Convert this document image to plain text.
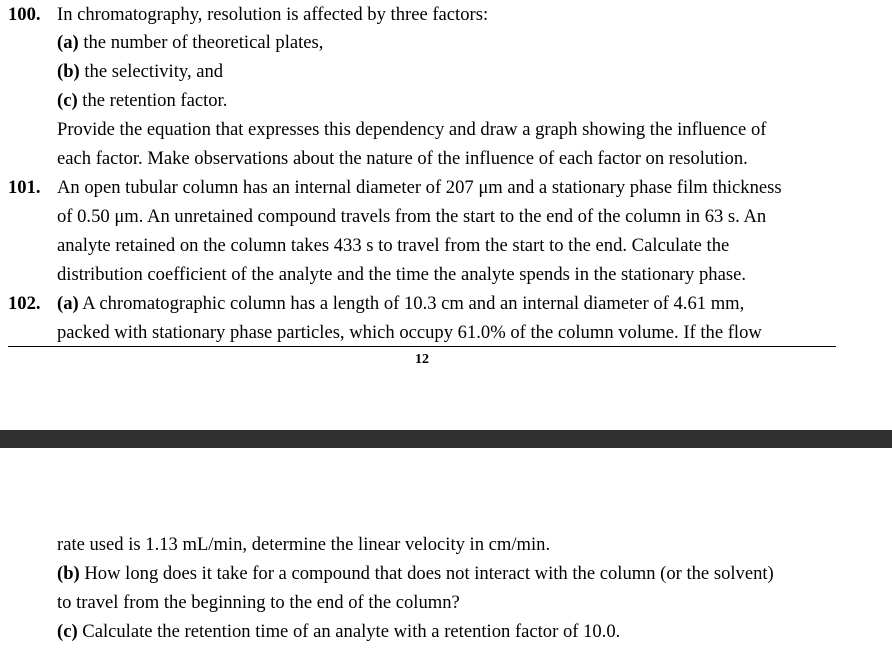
100. In chromatography, resolution is affected by three factors:
(a) the number of theoretical plates,
(b) the selectivity, and
(c) the retention factor.
Provide the equation that expresses this dependency and draw a graph showing the influence of
each factor. Make observations about the nature of the influence of each factor on resolution.
101. An open tubular column has an internal diameter of 207 μm and a stationary phase film thickness
of 0.50 μm. An unretained compound travels from the start to the end of the column in 63 s. An
analyte retained on the column takes 433 s to travel from the start to the end. Calculate the
distribution coefficient of the analyte and the time the analyte spends in the stationary phase.
102. (a) A chromatographic column has a length of 10.3 cm and an internal diameter of 4.61 mm,
packed with stationary phase particles, which occupy 61.0% of the column volume. If the flow
12
rate used is 1.13 mL/min, determine the linear velocity in cm/min.
(b) How long does it take for a compound that does not interact with the column (or the solvent)
to travel from the beginning to the end of the column?
(c) Calculate the retention time of an analyte with a retention factor of 10.0.
